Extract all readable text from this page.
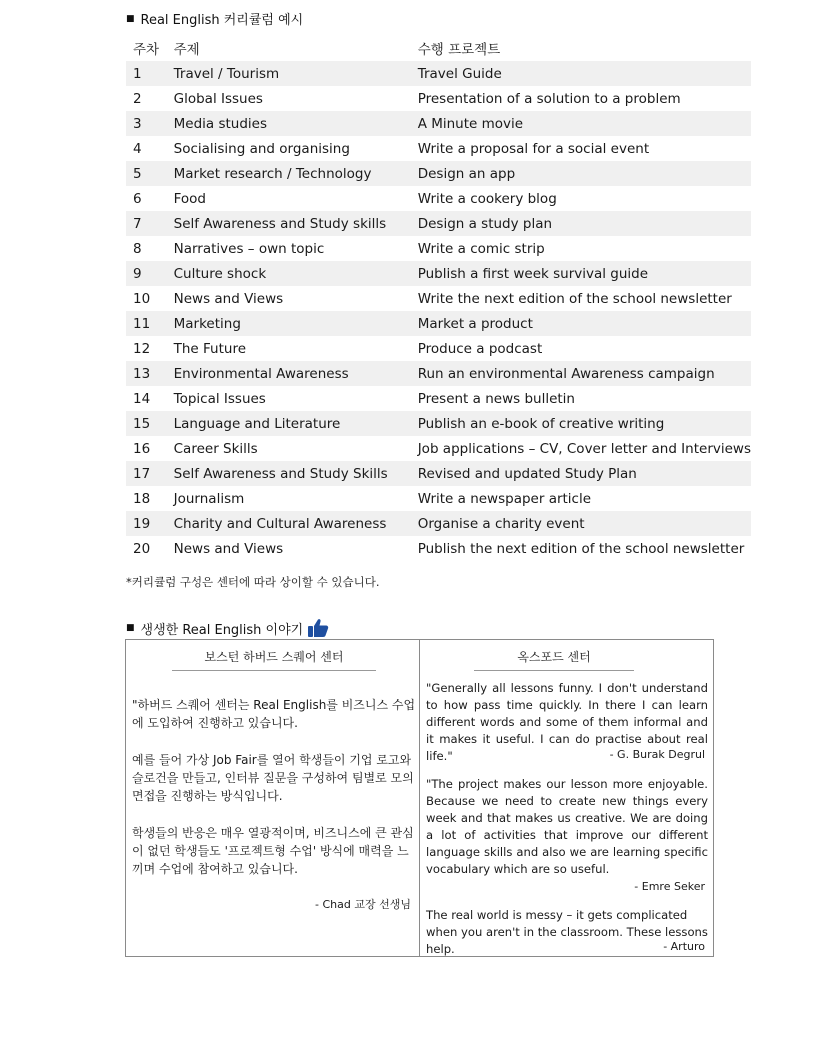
■ Real English 커리큘럼 예시
주차	주제	수행 프로젝트
1	Travel / Tourism	Travel Guide
2	Global Issues	Presentation of a solution to a problem
3	Media studies	A Minute movie
4	Socialising and organising	Write a proposal for a social event
5	Market research / Technology	Design an app
6	Food	Write a cookery blog
7	Self Awareness and Study skills	Design a study plan
8	Narratives – own topic	Write a comic strip
9	Culture shock	Publish a first week survival guide
10	News and Views	Write the next edition of the school newsletter
11	Marketing	Market a product
12	The Future	Produce a podcast
13	Environmental Awareness	Run an environmental Awareness campaign
14	Topical Issues	Present a news bulletin
15	Language and Literature	Publish an e-book of creative writing
16	Career Skills	Job applications – CV, Cover letter and Interviews
17	Self Awareness and Study Skills	Revised and updated Study Plan
18	Journalism	Write a newspaper article
19	Charity and Cultural Awareness	Organise a charity event
20	News and Views	Publish the next edition of the school newsletter
*커리큘럼 구성은 센터에 따라 상이할 수 있습니다.
■ 생생한 Real English 이야기
보스턴 하버드 스퀘어 센터
"하버드 스퀘어 센터는 Real English를 비즈니스 수업에 도입하여 진행하고 있습니다.
예를 들어 가상 Job Fair를 열어 학생들이 기업 로고와 슬로건을 만들고, 인터뷰 질문을 구성하여 팀별로 모의 면접을 진행하는 방식입니다.
학생들의 반응은 매우 열광적이며, 비즈니스에 큰 관심이 없던 학생들도 '프로젝트형 수업' 방식에 매력을 느끼며 수업에 참여하고 있습니다.
- Chad 교장 선생님
옥스포드 센터
"Generally all lessons funny. I don't understand to how pass time quickly. In there I can learn different words and some of them informal and it makes it useful. I can do practise about real life."	- G. Burak Degrul
"The project makes our lesson more enjoyable. Because we need to create new things every week and that makes us creative. We are doing a lot of activities that improve our different language skills and also we are learning specific vocabulary which are so useful.
- Emre Seker
The real world is messy – it gets complicated when you aren't in the classroom. These lessons help.	- Arturo
